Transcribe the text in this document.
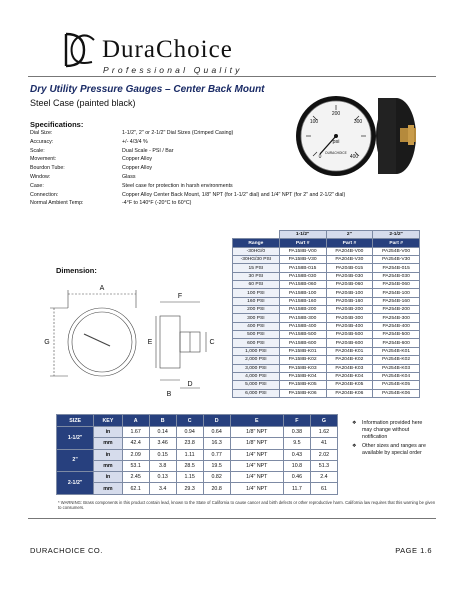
DuraChoice
Professional Quality
Dry Utility Pressure Gauges – Center Back Mount
Steel Case (painted black)
0
100
200
300
400
psi
DURACHOICE
Specifications:
Dial Size:	1-1/2", 2" or 2-1/2" Dial Sizes (Crimped Casing)
Accuracy:	+/- 4/3/4 %
Scale:	Dual Scale - PSI / Bar
Movement:	Copper Alloy
Bourdon Tube:	Copper Alloy
Window:	Glass
Case:	Steel case for protection in harsh environments
Connection:	Copper Alloy Center Back Mount, 1/8" NPT (for 1-1/2" dial) and 1/4" NPT (for 2" and 2-1/2" dial)
Normal Ambient Temp:	-4°F to 140°F (-20°C to 60°C)
	1-1/2"	2"	2-1/2"
Range	Part #	Part #	Part #
-30HG/0	PA158B-V00	PA204B-V00	PA254B-V00
-30HG/30 PSI	PA158B-V30	PA204B-V30	PA254B-V30
15 PSI	PA158B-015	PA204B-015	PA254B-015
30 PSI	PA158B-030	PA204B-030	PA254B-030
60 PSI	PA158B-060	PA204B-060	PA254B-060
100 PSI	PA158B-100	PA204B-100	PA254B-100
160 PSI	PA158B-160	PA204B-160	PA254B-160
200 PSI	PA158B-200	PA204B-200	PA254B-200
300 PSI	PA158B-300	PA204B-300	PA254B-300
400 PSI	PA158B-400	PA204B-400	PA254B-400
500 PSI	PA158B-500	PA204B-500	PA254B-500
600 PSI	PA158B-600	PA204B-600	PA254B-600
1,000 PSI	PA158B-K01	PA204B-K01	PA254B-K01
2,000 PSI	PA158B-K02	PA204B-K02	PA254B-K02
3,000 PSI	PA158B-K03	PA204B-K03	PA254B-K03
4,000 PSI	PA158B-K04	PA204B-K04	PA254B-K04
5,000 PSI	PA158B-K05	PA204B-K05	PA254B-K05
6,000 PSI	PA158B-K06	PA204B-K06	PA254B-K06
Dimension:
A
B
C
D
E
F
G
SIZE	KEY	A	B	C	D	E	F	G
1-1/2"	in	1.67	0.14	0.94	0.64	1/8" NPT	0.38	1.62
	mm	42.4	3.46	23.8	16.3	1/8" NPT	9.5	41
2"	in	2.09	0.15	1.11	0.77	1/4" NPT	0.43	2.02
	mm	53.1	3.8	28.5	19.5	1/4" NPT	10.8	51.3
2-1/2"	in	2.45	0.13	1.15	0.82	1/4" NPT	0.46	2.4
	mm	62.1	3.4	29.3	20.8	1/4" NPT	11.7	61
❖ Information provided here may change without notification
❖ Other sizes and ranges are available by special order
* WARNING: Brass components in this product contain lead, known to the State of California to cause cancer and birth defects or other reproductive harm. California law requires that this warning be given to consumers.
DURACHOICE CO.	PAGE 1.6
